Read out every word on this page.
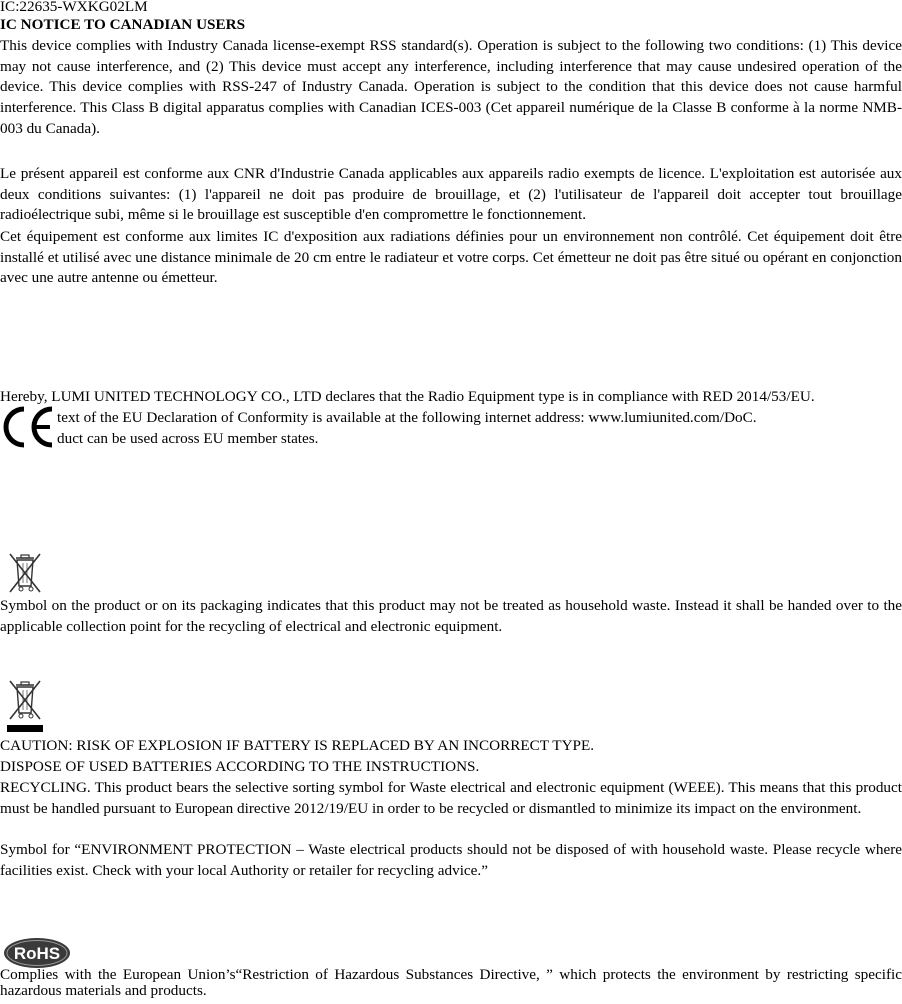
IC:22635-WXKG02LM
IC NOTICE TO CANADIAN USERS
This device complies with Industry Canada license-exempt RSS standard(s). Operation is subject to the following two conditions: (1) This device may not cause interference, and (2) This device must accept any interference, including interference that may cause undesired operation of the device. This device complies with RSS-247 of Industry Canada. Operation is subject to the condition that this device does not cause harmful interference. This Class B digital apparatus complies with Canadian ICES-003 (Cet appareil numérique de la Classe B conforme à la norme NMB-003 du Canada).
Le présent appareil est conforme aux CNR d'Industrie Canada applicables aux appareils radio exempts de licence. L'exploitation est autorisée aux deux conditions suivantes: (1) l'appareil ne doit pas produire de brouillage, et (2) l'utilisateur de l'appareil doit accepter tout brouillage radioélectrique subi, même si le brouillage est susceptible d'en compromettre le fonctionnement.
Cet équipement est conforme aux limites IC d'exposition aux radiations définies pour un environnement non contrôlé. Cet équipement doit être installé et utilisé avec une distance minimale de 20 cm entre le radiateur et votre corps. Cet émetteur ne doit pas être situé ou opérant en conjonction avec une autre antenne ou émetteur.
Hereby, LUMI UNITED TECHNOLOGY CO., LTD declares that the Radio Equipment type is in compliance with RED 2014/53/EU.
text of the EU Declaration of Conformity is available at the following internet address: www.lumiunited.com/DoC.
duct can be used across EU member states.
Symbol on the product or on its packaging indicates that this product may not be treated as household waste. Instead it shall be handed over to the applicable collection point for the recycling of electrical and electronic equipment.
CAUTION: RISK OF EXPLOSION IF BATTERY IS REPLACED BY AN INCORRECT TYPE.
DISPOSE OF USED BATTERIES ACCORDING TO THE INSTRUCTIONS.
RECYCLING. This product bears the selective sorting symbol for Waste electrical and electronic equipment (WEEE). This means that this product must be handled pursuant to European directive 2012/19/EU in order to be recycled or dismantled to minimize its impact on the environment.
Symbol for “ENVIRONMENT PROTECTION – Waste electrical products should not be disposed of with household waste. Please recycle where facilities exist. Check with your local Authority or retailer for recycling advice.”
RoHS
Complies with the European Union’s“Restriction of Hazardous Substances Directive, ” which protects the environment by restricting specific hazardous materials and products.
